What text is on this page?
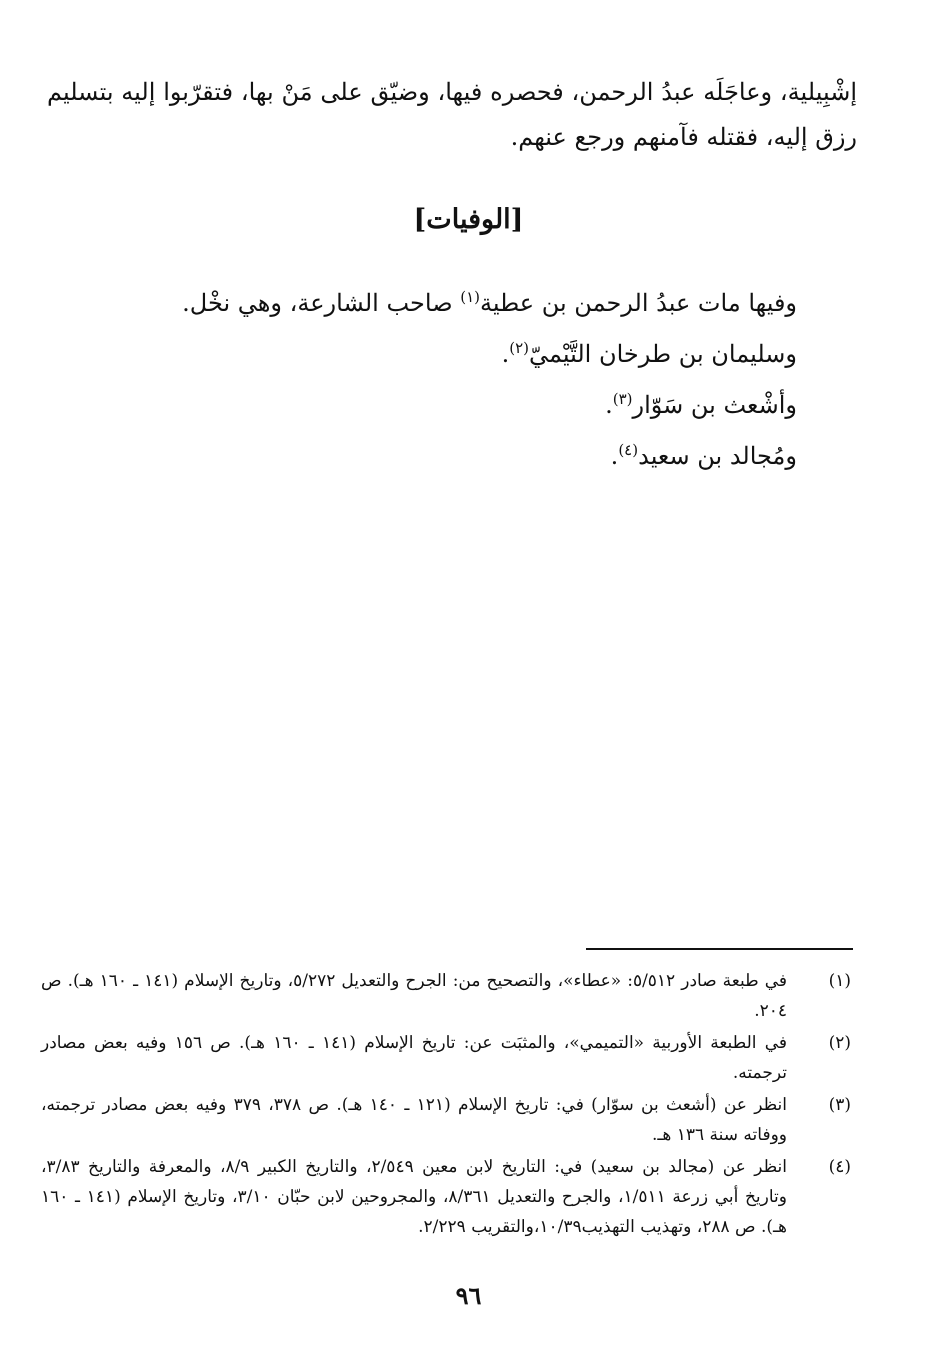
إشْبِيلية، وعاجَلَه عبدُ الرحمن، فحصره فيها، وضيّق على مَنْ بها، فتقرّبوا إليه بتسليم رزق إليه، فقتله فآمنهم ورجع عنهم.

[الوفيات]
وفيها مات عبدُ الرحمن بن عطية$^{(١)}$ صاحب الشارعة، وهي نخْل.
وسليمان بن طرخان التَّيْميّ$^{(٢)}$.
وأشْعث بن سَوّار$^{(٣)}$.
ومُجالد بن سعيد$^{(٤)}$.
(١)
في طبعة صادر ٥/٥١٢: «عطاء»، والتصحيح من: الجرح والتعديل ٥/٢٧٢، وتاريخ الإسلام (١٤١ ـ ١٦٠ هـ). ص ٢٠٤.
(٢)
في الطبعة الأوربية «التميمي»، والمثبَت عن: تاريخ الإسلام (١٤١ ـ ١٦٠ هـ). ص ١٥٦ وفيه بعض مصادر ترجمته.
(٣)
انظر عن (أشعث بن سوّار) في: تاريخ الإسلام (١٢١ ـ ١٤٠ هـ). ص ٣٧٨، ٣٧٩ وفيه بعض مصادر ترجمته، ووفاته سنة ١٣٦ هـ.
(٤)
انظر عن (مجالد بن سعيد) في: التاريخ لابن معين ٢/٥٤٩، والتاريخ الكبير ٨/٩، والمعرفة والتاريخ ٣/٨٣، وتاريخ أبي زرعة ١/٥١١، والجرح والتعديل ٨/٣٦١، والمجروحين لابن حبّان ٣/١٠، وتاريخ الإسلام (١٤١ ـ ١٦٠ هـ). ص ٢٨٨، وتهذيب التهذيب١٠/٣٩،والتقريب ٢/٢٢٩.
٩٦
